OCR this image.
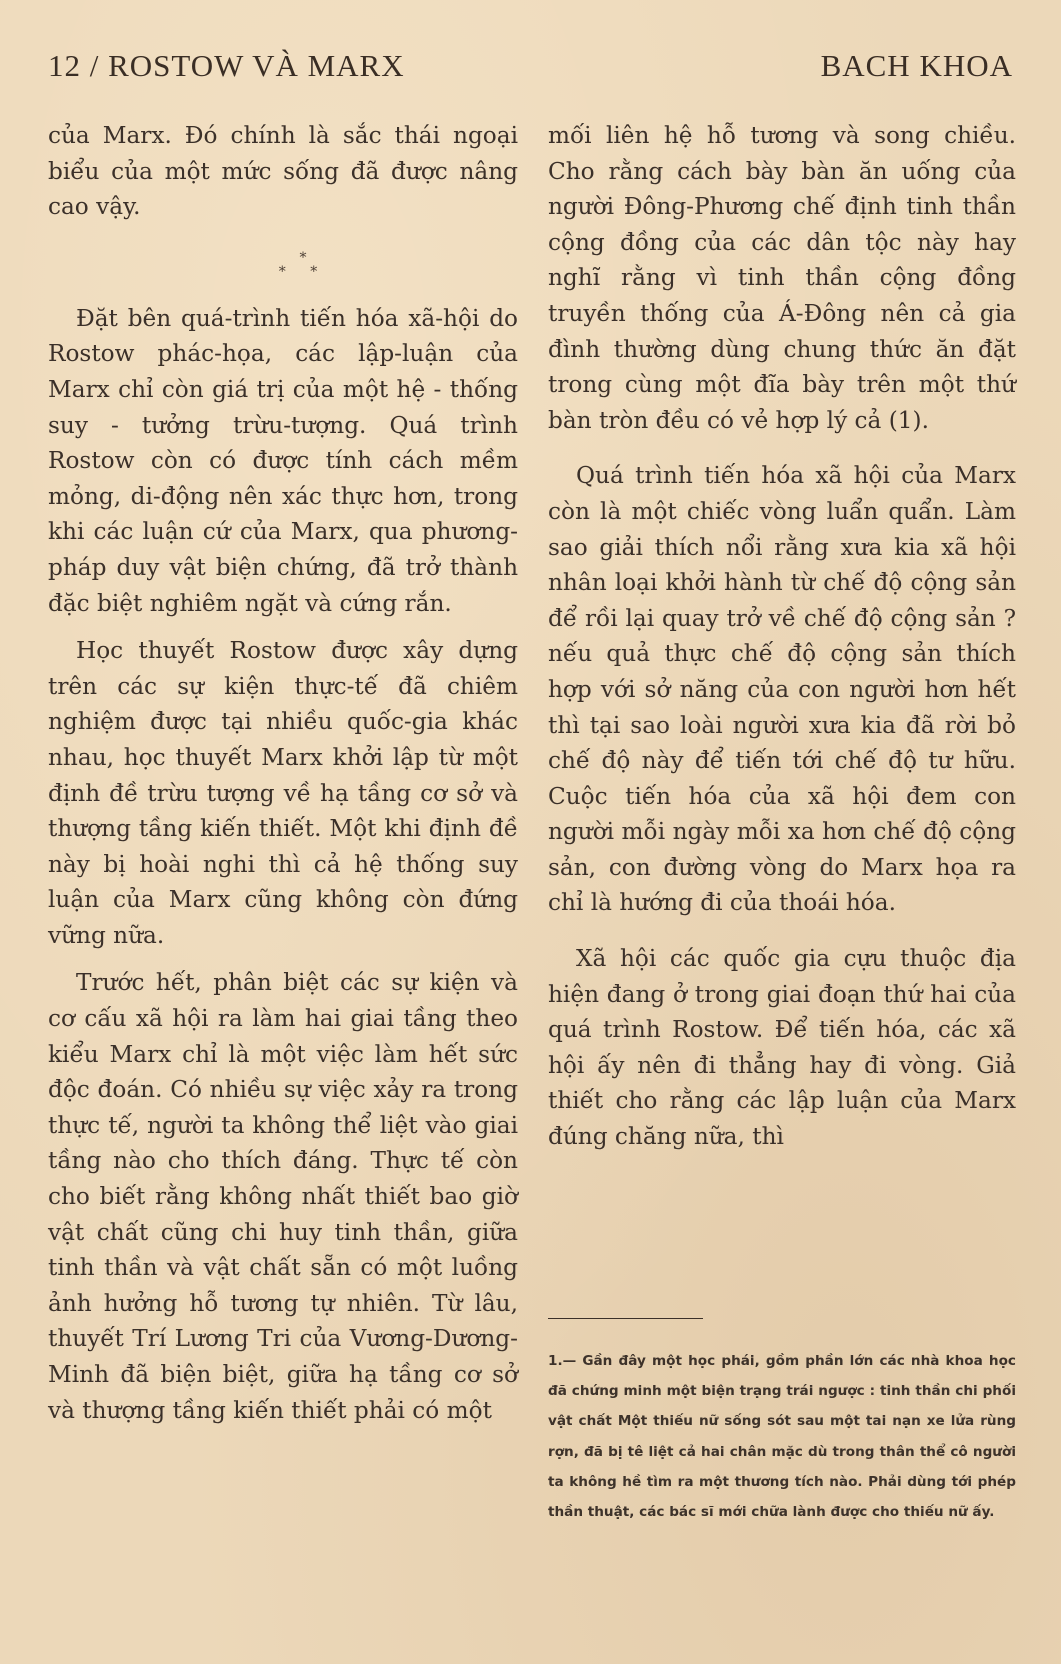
12 / ROSTOW VÀ MARX	BACH KHOA

của Marx. Đó chính là sắc thái ngoại biểu của một mức sống đã được nâng cao vậy.

*
* *

Đặt bên quá-trình tiến hóa xã-hội do Rostow phác-họa, các lập-luận của Marx chỉ còn giá trị của một hệ - thống suy - tưởng trừu-tượng. Quá trình Rostow còn có được tính cách mềm mỏng, di-động nên xác thực hơn, trong khi các luận cứ của Marx, qua phương-pháp duy vật biện chứng, đã trở thành đặc biệt nghiêm ngặt và cứng rắn.

Học thuyết Rostow được xây dựng trên các sự kiện thực-tế đã chiêm nghiệm được tại nhiều quốc-gia khác nhau, học thuyết Marx khởi lập từ một định đề trừu tượng về hạ tầng cơ sở và thượng tầng kiến thiết. Một khi định đề này bị hoài nghi thì cả hệ thống suy luận của Marx cũng không còn đứng vững nữa.

Trước hết, phân biệt các sự kiện và cơ cấu xã hội ra làm hai giai tầng theo kiểu Marx chỉ là một việc làm hết sức độc đoán. Có nhiều sự việc xảy ra trong thực tế, người ta không thể liệt vào giai tầng nào cho thích đáng. Thực tế còn cho biết rằng không nhất thiết bao giờ vật chất cũng chi huy tinh thần, giữa tinh thần và vật chất sẵn có một luồng ảnh hưởng hỗ tương tự nhiên. Từ lâu, thuyết Trí Lương Tri của Vương-Dương-Minh đã biện biệt, giữa hạ tầng cơ sở và thượng tầng kiến thiết phải có một

mối liên hệ hỗ tương và song chiều. Cho rằng cách bày bàn ăn uống của người Đông-Phương chế định tinh thần cộng đồng của các dân tộc này hay nghĩ rằng vì tinh thần cộng đồng truyền thống của Á-Đông nên cả gia đình thường dùng chung thức ăn đặt trong cùng một đĩa bày trên một thứ bàn tròn đều có vẻ hợp lý cả (1).

Quá trình tiến hóa xã hội của Marx còn là một chiếc vòng luẩn quẩn. Làm sao giải thích nổi rằng xưa kia xã hội nhân loại khởi hành từ chế độ cộng sản để rồi lại quay trở về chế độ cộng sản ? nếu quả thực chế độ cộng sản thích hợp với sở năng của con người hơn hết thì tại sao loài người xưa kia đã rời bỏ chế độ này để tiến tới chế độ tư hữu. Cuộc tiến hóa của xã hội đem con người mỗi ngày mỗi xa hơn chế độ cộng sản, con đường vòng do Marx họa ra chỉ là hướng đi của thoái hóa.

Xã hội các quốc gia cựu thuộc địa hiện đang ở trong giai đoạn thứ hai của quá trình Rostow. Để tiến hóa, các xã hội ấy nên đi thẳng hay đi vòng. Giả thiết cho rằng các lập luận của Marx đúng chăng nữa, thì

1.— Gần đây một học phái, gồm phần lớn các nhà khoa học đã chứng minh một biện trạng trái ngược : tinh thần chi phối vật chất Một thiếu nữ sống sót sau một tai nạn xe lửa rùng rợn, đã bị tê liệt cả hai chân mặc dù trong thân thể cô người ta không hề tìm ra một thương tích nào. Phải dùng tới phép thần thuật, các bác sĩ mới chữa lành được cho thiếu nữ ấy.
